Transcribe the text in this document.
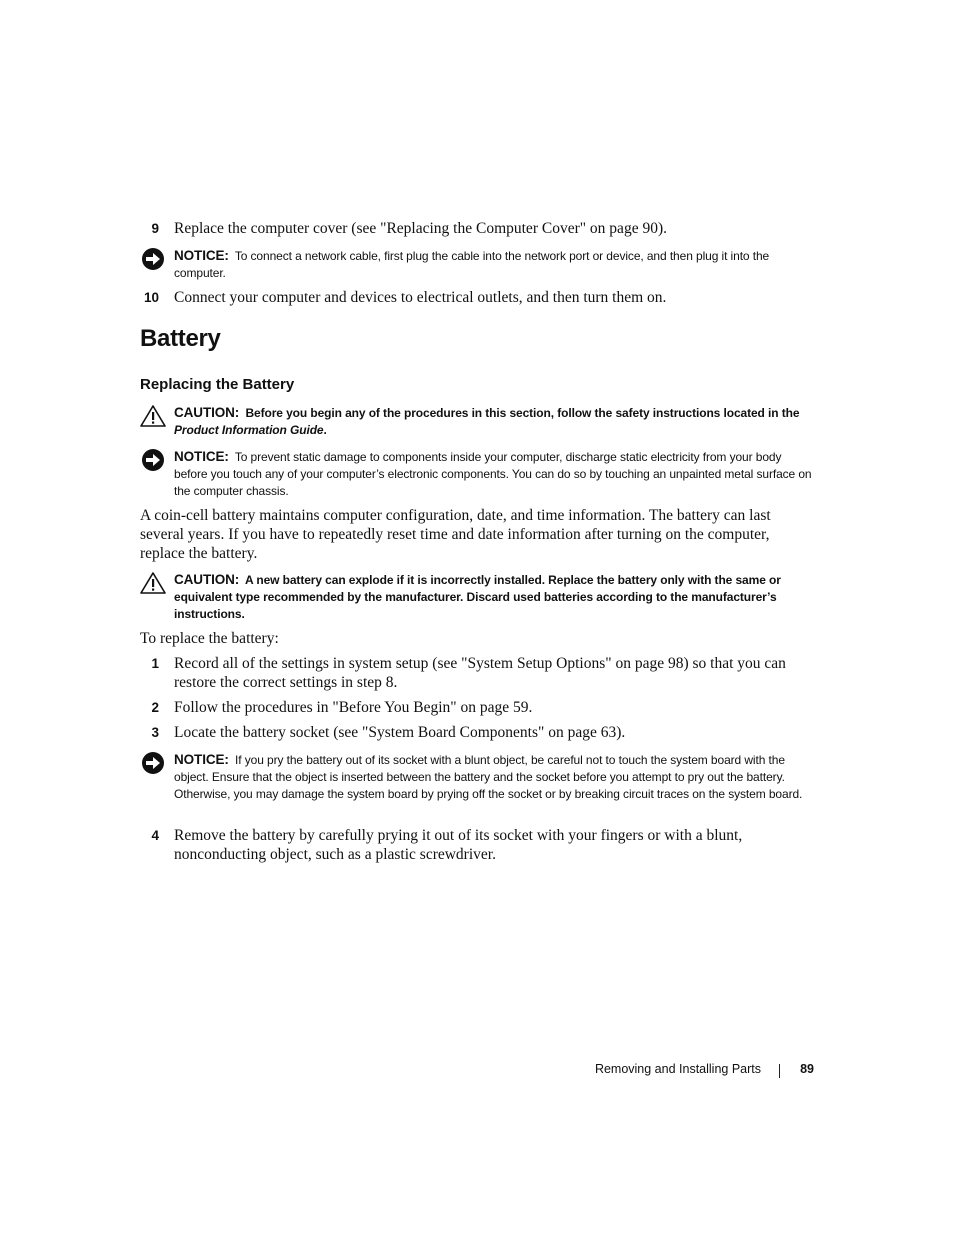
9 Replace the computer cover (see "Replacing the Computer Cover" on page 90).
NOTICE: To connect a network cable, first plug the cable into the network port or device, and then plug it into the computer.
10 Connect your computer and devices to electrical outlets, and then turn them on.
Battery
Replacing the Battery
CAUTION: Before you begin any of the procedures in this section, follow the safety instructions located in the Product Information Guide.
NOTICE: To prevent static damage to components inside your computer, discharge static electricity from your body before you touch any of your computer’s electronic components. You can do so by touching an unpainted metal surface on the computer chassis.
A coin-cell battery maintains computer configuration, date, and time information. The battery can last several years. If you have to repeatedly reset time and date information after turning on the computer, replace the battery.
CAUTION: A new battery can explode if it is incorrectly installed. Replace the battery only with the same or equivalent type recommended by the manufacturer. Discard used batteries according to the manufacturer’s instructions.
To replace the battery:
1 Record all of the settings in system setup (see "System Setup Options" on page 98) so that you can restore the correct settings in step 8.
2 Follow the procedures in "Before You Begin" on page 59.
3 Locate the battery socket (see "System Board Components" on page 63).
NOTICE: If you pry the battery out of its socket with a blunt object, be careful not to touch the system board with the object. Ensure that the object is inserted between the battery and the socket before you attempt to pry out the battery. Otherwise, you may damage the system board by prying off the socket or by breaking circuit traces on the system board.
4 Remove the battery by carefully prying it out of its socket with your fingers or with a blunt, nonconducting object, such as a plastic screwdriver.
Removing and Installing Parts	89
